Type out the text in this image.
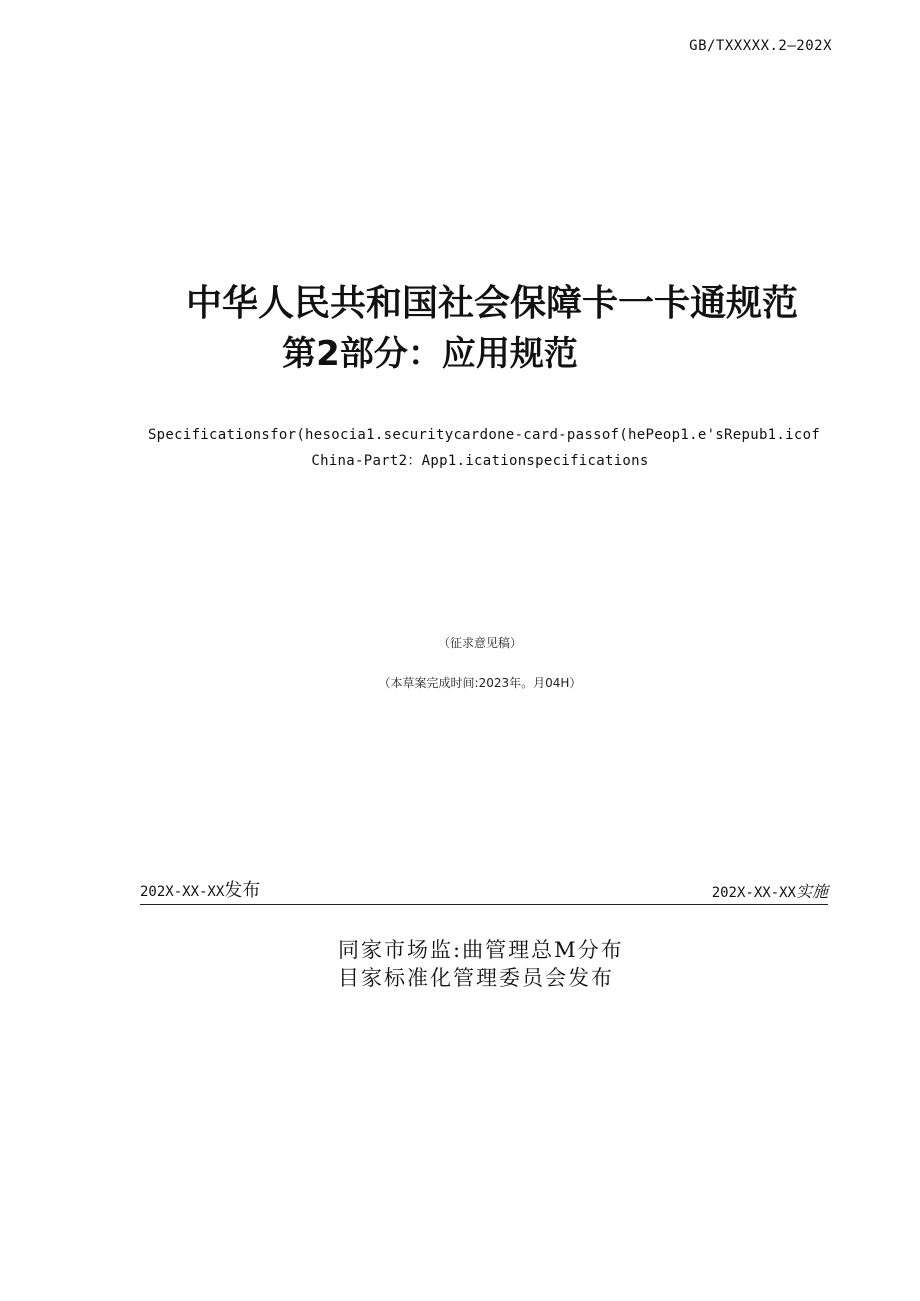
GB/TXXXXX.2—202X
中华人民共和国社会保障卡一卡通规范
第2部分：应用规范
Specificationsfor(hesocia1.securitycardone-card-passof(hePeop1.e'sRepub1.icof
China-Part2：App1.icationspecifications
（征求意见稿）
（本草案完成时间:2023年。月04H）
202X-XX-XX发布	202X-XX-XX实施
同家市场监:曲管理总M分布
目家标准化管理委员会发布
